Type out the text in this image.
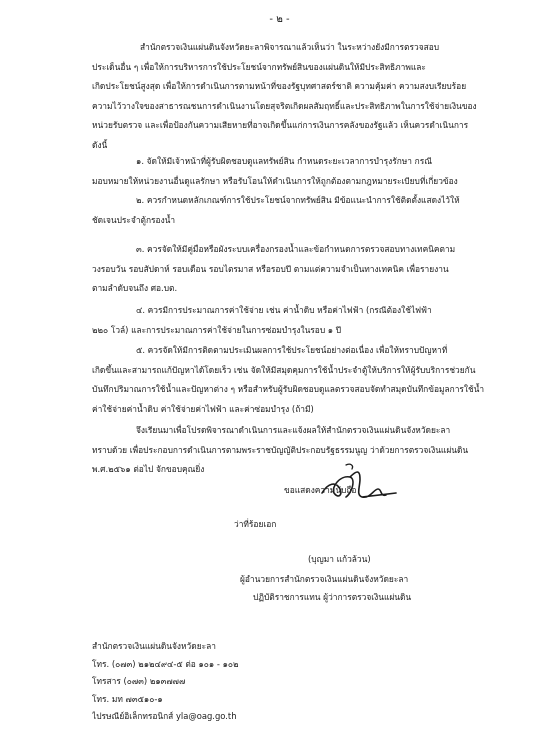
- ๒ -
สำนักตรวจเงินแผ่นดินจังหวัดยะลาพิจารณาแล้วเห็นว่า ในระหว่างยังมีการตรวจสอบ
ประเด็นอื่น ๆ เพื่อให้การบริหารการใช้ประโยชน์จากทรัพย์สินของแผ่นดินให้มีประสิทธิภาพและ
เกิดประโยชน์สูงสุด เพื่อให้การดำเนินการตามหน้าที่ของรัฐบุทศาสตร์ชาติ ความคุ้มค่า ความสงบเรียบร้อย
ความไว้วางใจของสาธารณชนการดำเนินงานโดยสุจริตเกิดผลสัมฤทธิ์และประสิทธิภาพในการใช้จ่ายเงินของ
หน่วยรับตรวจ และเพื่อป้องกันความเสียหายที่อาจเกิดขึ้นแก่การเงินการคลังของรัฐแล้ว เห็นควรดำเนินการ
ดังนี้
๑. จัดให้มีเจ้าหน้าที่ผู้รับผิดชอบดูแลทรัพย์สิน กำหนดระยะเวลาการบำรุงรักษา กรณี
มอบหมายให้หน่วยงานอื่นดูแลรักษา หรือรับโอนให้ดำเนินการให้ถูกต้องตามกฎหมายระเบียบที่เกี่ยวข้อง
๒. ควรกำหนดหลักเกณฑ์การใช้ประโยชน์จากทรัพย์สิน มีข้อแนะนำการใช้ติดตั้งแสดงไว้ให้
ชัดเจนประจำตู้กรองน้ำ
๓. ควรจัดให้มีคู่มือหรือผังระบบเครื่องกรองน้ำและข้อกำหนดการตรวจสอบทางเทคนิคตาม
วงรอบวัน รอบสัปดาห์ รอบเดือน รอบไตรมาส หรือรอบปี ตามแต่ความจำเป็นทางเทคนิค เพื่อรายงาน
ตามลำดับจนถึง ศอ.บต.
๔. ควรมีการประมาณการค่าใช้จ่าย เช่น ค่าน้ำดิบ หรือค่าไฟฟ้า (กรณีต้องใช้ไฟฟ้า
๒๒๐ โวล์) และการประมาณการค่าใช้จ่ายในการซ่อมบำรุงในรอบ ๑ ปี
๕. ควรจัดให้มีการติดตามประเมินผลการใช้ประโยชน์อย่างต่อเนื่อง เพื่อให้ทราบปัญหาที่
เกิดขึ้นและสามารถแก้ปัญหาได้โดยเร็ว เช่น จัดให้มีสมุดคุมการใช้น้ำประจำตู้ให้บริการให้ผู้รับบริการช่วยกัน
บันทึกปริมาณการใช้น้ำและปัญหาต่าง ๆ หรือสำหรับผู้รับผิดชอบดูแลตรวจสอบจัดทำสมุดบันทึกข้อมูลการใช้น้ำ
ค่าใช้จ่ายค่าน้ำดิบ ค่าใช้จ่ายค่าไฟฟ้า และค่าซ่อมบำรุง (ถ้ามี)
จึงเรียนมาเพื่อโปรดพิจารณาดำเนินการและแจ้งผลให้สำนักตรวจเงินแผ่นดินจังหวัดยะลา
ทราบด้วย เพื่อประกอบการดำเนินการตามพระราชบัญญัติประกอบรัฐธรรมนูญ ว่าด้วยการตรวจเงินแผ่นดิน
พ.ศ.๒๕๖๑ ต่อไป จักขอบคุณยิ่ง
ขอแสดงความนับถือ
ว่าที่ร้อยเอก
(บุญมา แก้วล้วน)
ผู้อำนวยการสำนักตรวจเงินแผ่นดินจังหวัดยะลา
ปฏิบัติราชการแทน ผู้ว่าการตรวจเงินแผ่นดิน
สำนักตรวจเงินแผ่นดินจังหวัดยะลา
โทร. (๐๗๓) ๒๑๒๔๙๔-๕ ต่อ ๑๐๑ - ๑๐๒
โทรสาร (๐๗๓) ๒๑๓๗๗๗
โทร. มท ๗๓๕๑๐-๑
ไปรษณีย์อิเล็กทรอนิกส์ yla@oag.go.th
